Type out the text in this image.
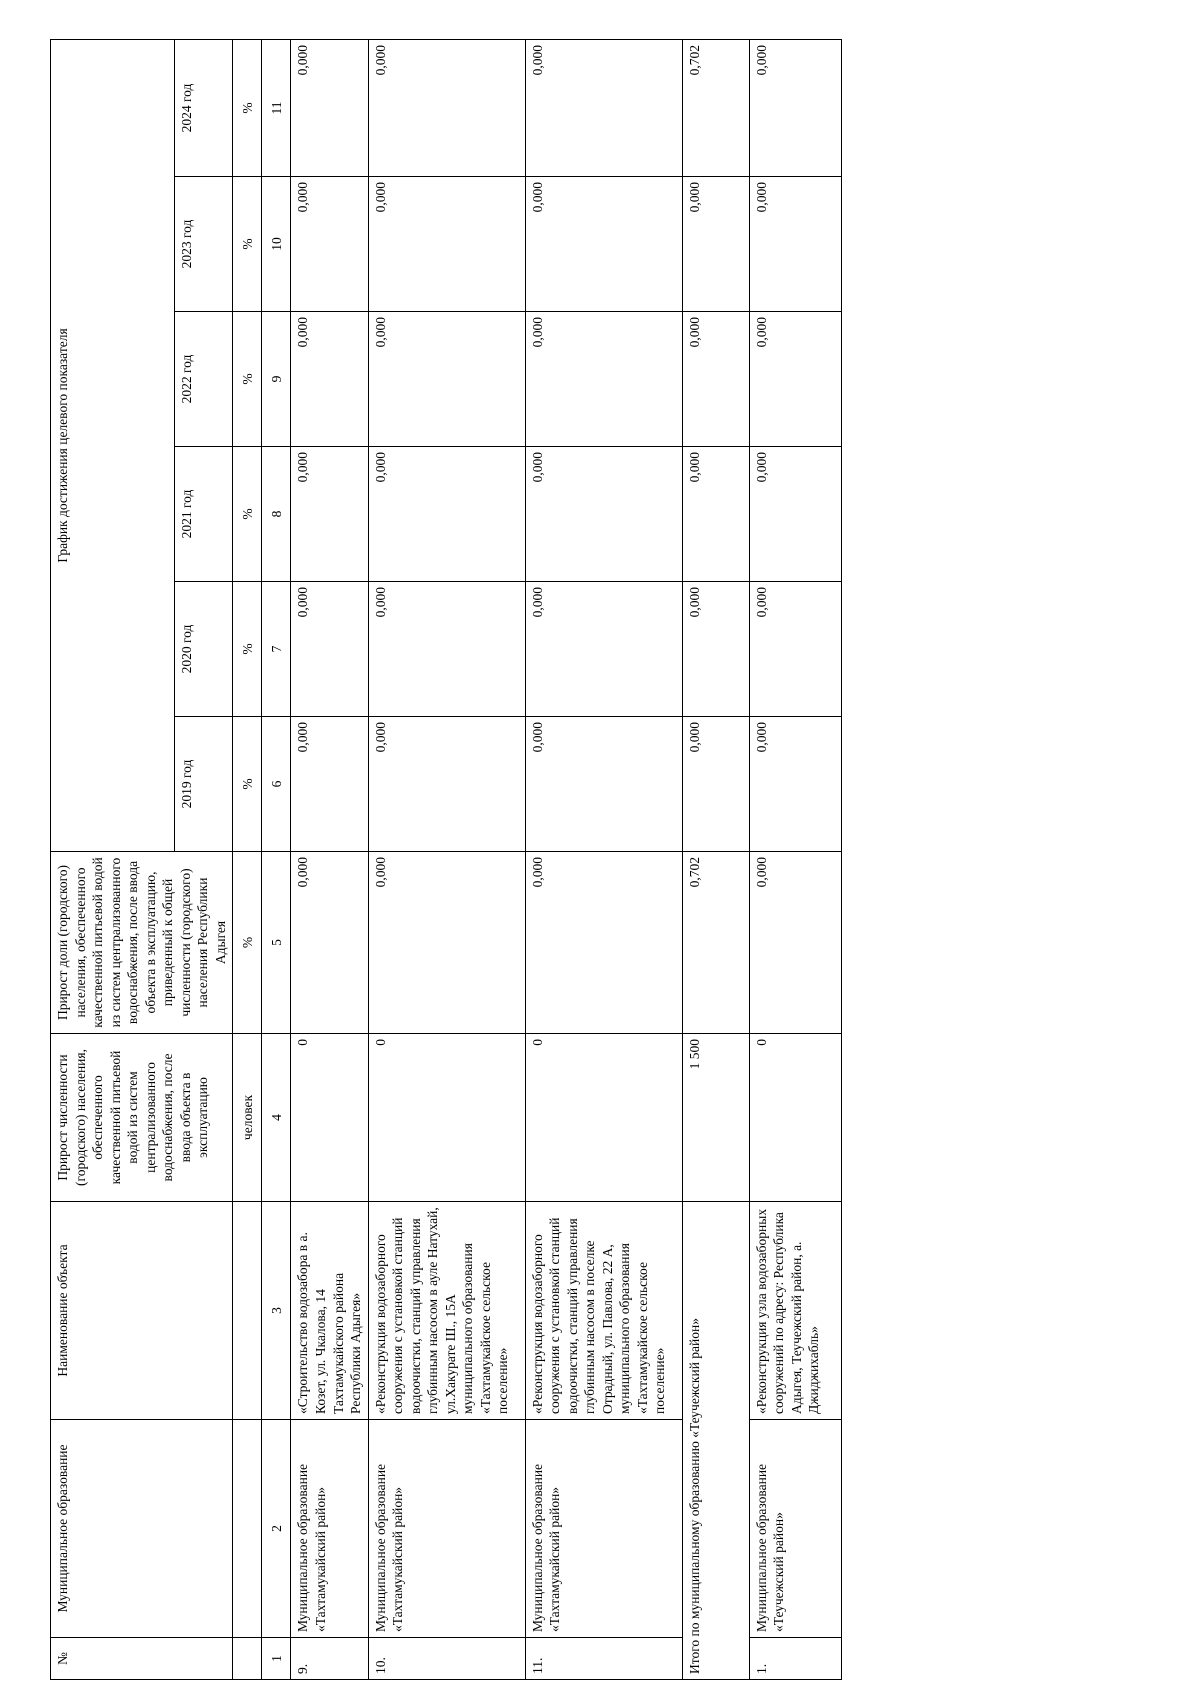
№	Муниципальное образование	Наименование объекта	Прирост численности (городского) населения, обеспеченного качественной питьевой водой из систем централизованного водоснабжения, после ввода объекта в эксплуатацию	Прирост доли (городского) населения, обеспеченного качественной питьевой водой из систем централизованного водоснабжения, после ввода объекта в эксплуатацию, приведенный к общей численности (городского) населения Республики Адыгея	График достижения целевого показателя					
					2019 год	2020 год	2021 год	2022 год	2023 год	2024 год
			человек	%	%	%	%	%	%	%
1	2	3	4	5	6	7	8	9	10	11
9.	Муниципальное образование «Тахтамукайский район»	«Строительство водозабора в а. Козет, ул. Чкалова, 14 Тахтамукайского района Республики Адыгея»	0	0,000	0,000	0,000	0,000	0,000	0,000	0,000
10.	Муниципальное образование «Тахтамукайский район»	«Реконструкция водозаборного сооружения с установкой станций водоочистки, станций управления глубинным насосом в ауле Натухай, ул.Хакурате Ш., 15А муниципального образования «Тахтамукайское сельское поселение»	0	0,000	0,000	0,000	0,000	0,000	0,000	0,000
11.	Муниципальное образование «Тахтамукайский район»	«Реконструкция водозаборного сооружения с установкой станций водоочистки, станций управления глубинным насосом в поселке Отрадный, ул. Павлова, 22 А, муниципального образования «Тахтамукайское сельское поселение»	0	0,000	0,000	0,000	0,000	0,000	0,000	0,000
Итого по муниципальному образованию «Теучежский район»			1 500	0,702	0,000	0,000	0,000	0,000	0,000	0,702
1.	Муниципальное образование «Теучежский район»	«Реконструкция узла водозаборных сооружений по адресу: Республика Адыгея, Теучежский район, а. Джиджихабль»	0	0,000	0,000	0,000	0,000	0,000	0,000	0,000
